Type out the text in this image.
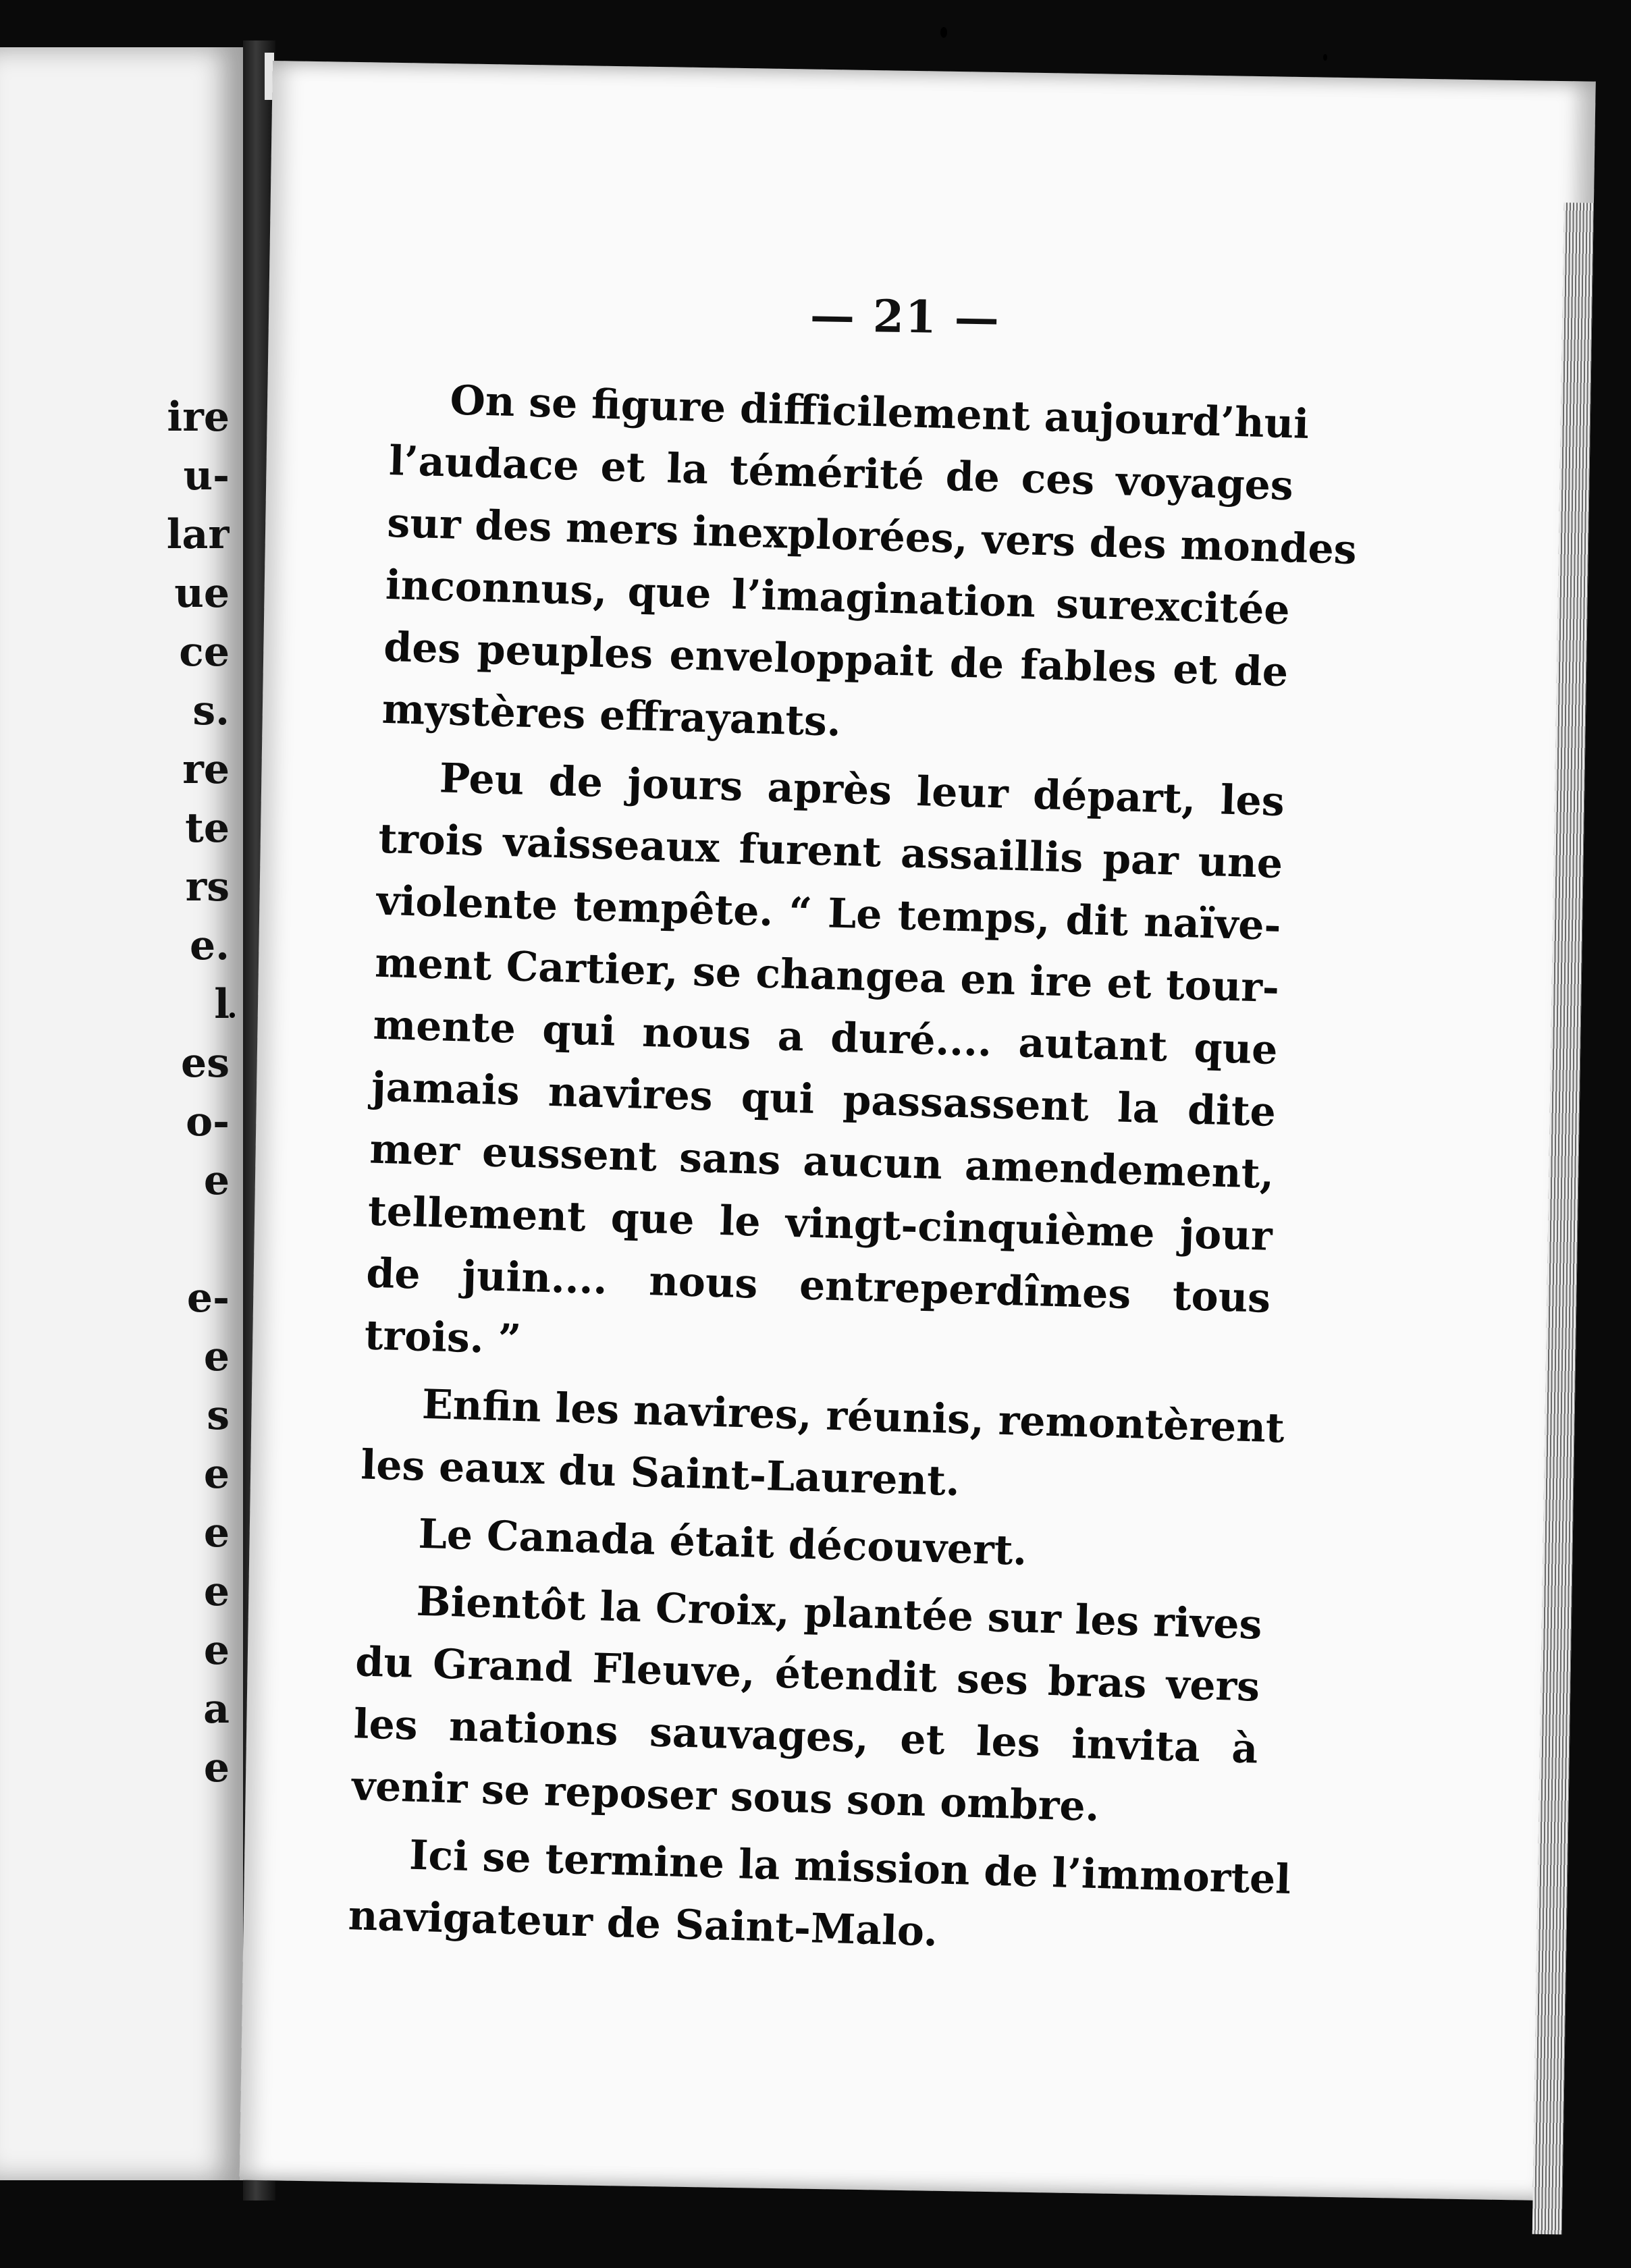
ire
u-
lar
ue
ce
s.
re
te
rs
e.
l
es
o-
e

e-
e
s
e
e
e
e
a
e
— 21 —
On se figure difficilement aujourd’hui
l’audace et la témérité de ces voyages
sur des mers inexplorées, vers des mondes
inconnus, que l’imagination surexcitée
des peuples enveloppait de fables et de
mystères effrayants.
Peu de jours après leur départ, les
trois vaisseaux furent assaillis par une
violente tempête. “ Le temps, dit naïve-
ment Cartier, se changea en ire et tour-
mente qui nous a duré.... autant que
jamais navires qui passassent la dite
mer eussent sans aucun amendement,
tellement que le vingt-cinquième jour
de juin.... nous entreperdîmes tous
trois. ”
Enfin les navires, réunis, remontèrent
les eaux du Saint-Laurent.
Le Canada était découvert.
Bientôt la Croix, plantée sur les rives
du Grand Fleuve, étendit ses bras vers
les nations sauvages, et les invita à
venir se reposer sous son ombre.
Ici se termine la mission de l’immortel
navigateur de Saint-Malo.
